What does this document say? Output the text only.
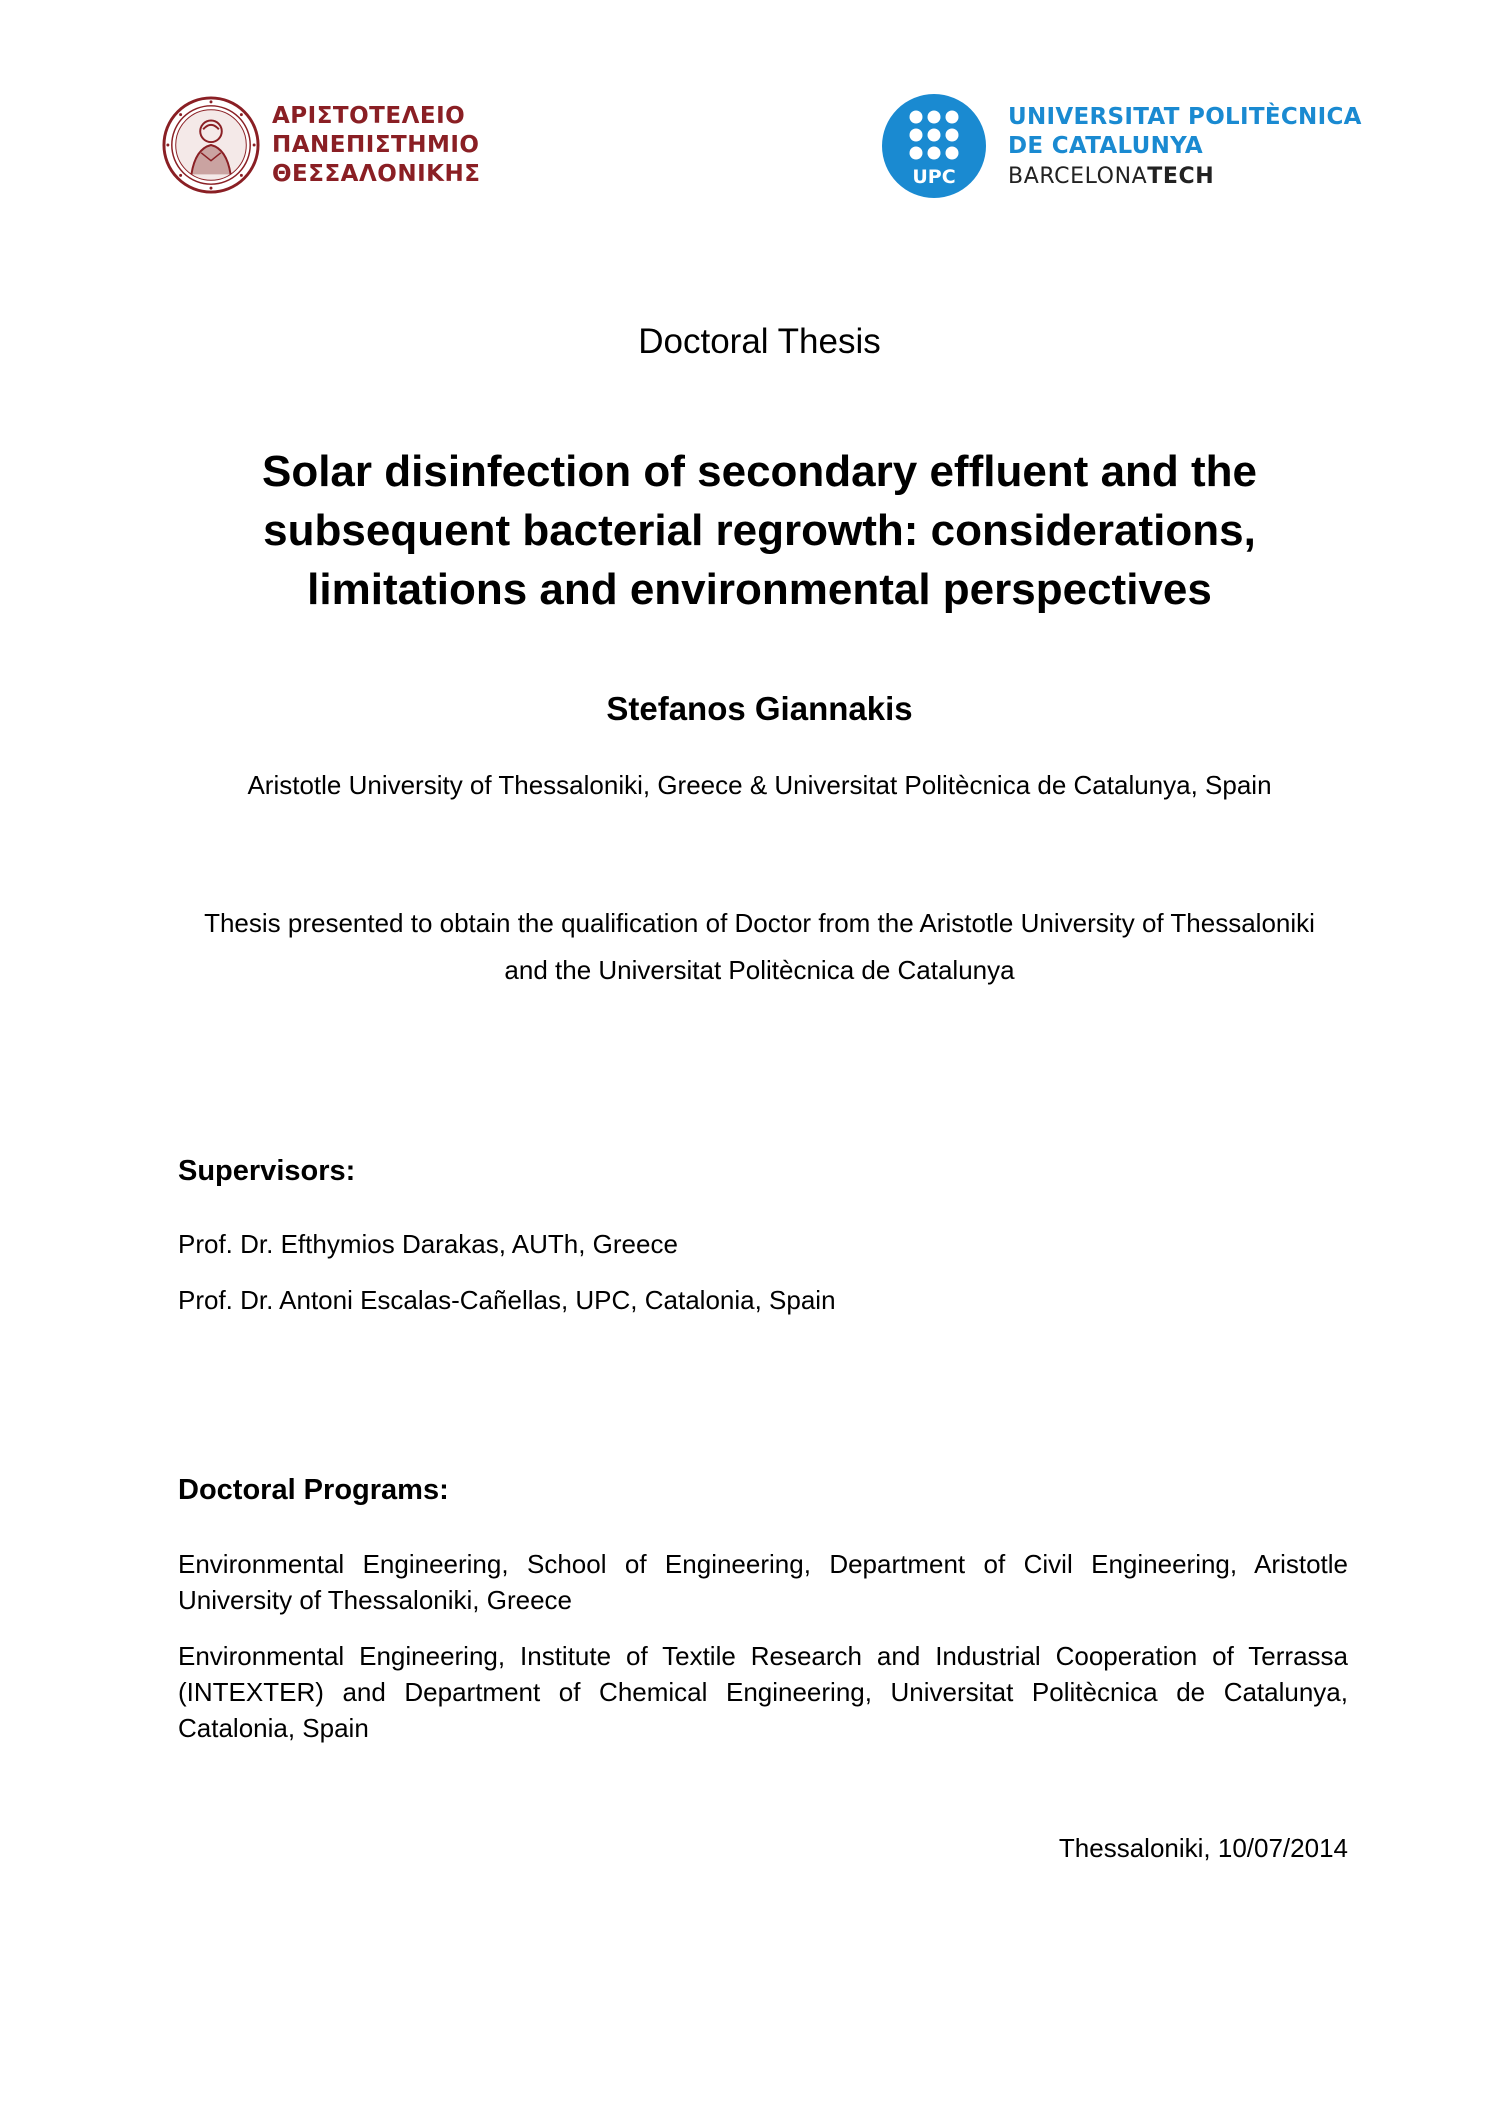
ΑΡΙΣΤΟΤΕΛΕΙΟ
ΠΑΝΕΠΙΣΤΗΜΙΟ
ΘΕΣΣΑΛΟΝΙΚΗΣ	UPC
UNIVERSITAT POLITÈCNICA
DE CATALUNYA
BARCELONATECH
Doctoral Thesis
Solar disinfection of secondary effluent and the subsequent bacterial regrowth: considerations, limitations and environmental perspectives
Stefanos Giannakis
Aristotle University of Thessaloniki, Greece & Universitat Politècnica de Catalunya, Spain
Thesis presented to obtain the qualification of Doctor from the Aristotle University of Thessaloniki and the Universitat Politècnica de Catalunya
Supervisors:
Prof. Dr. Efthymios Darakas, AUTh, Greece
Prof. Dr. Antoni Escalas-Cañellas, UPC, Catalonia, Spain
Doctoral Programs:
Environmental Engineering, School of Engineering, Department of Civil Engineering, Aristotle University of Thessaloniki, Greece
Environmental Engineering, Institute of Textile Research and Industrial Cooperation of Terrassa (INTEXTER) and Department of Chemical Engineering, Universitat Politècnica de Catalunya, Catalonia, Spain
Thessaloniki, 10/07/2014
